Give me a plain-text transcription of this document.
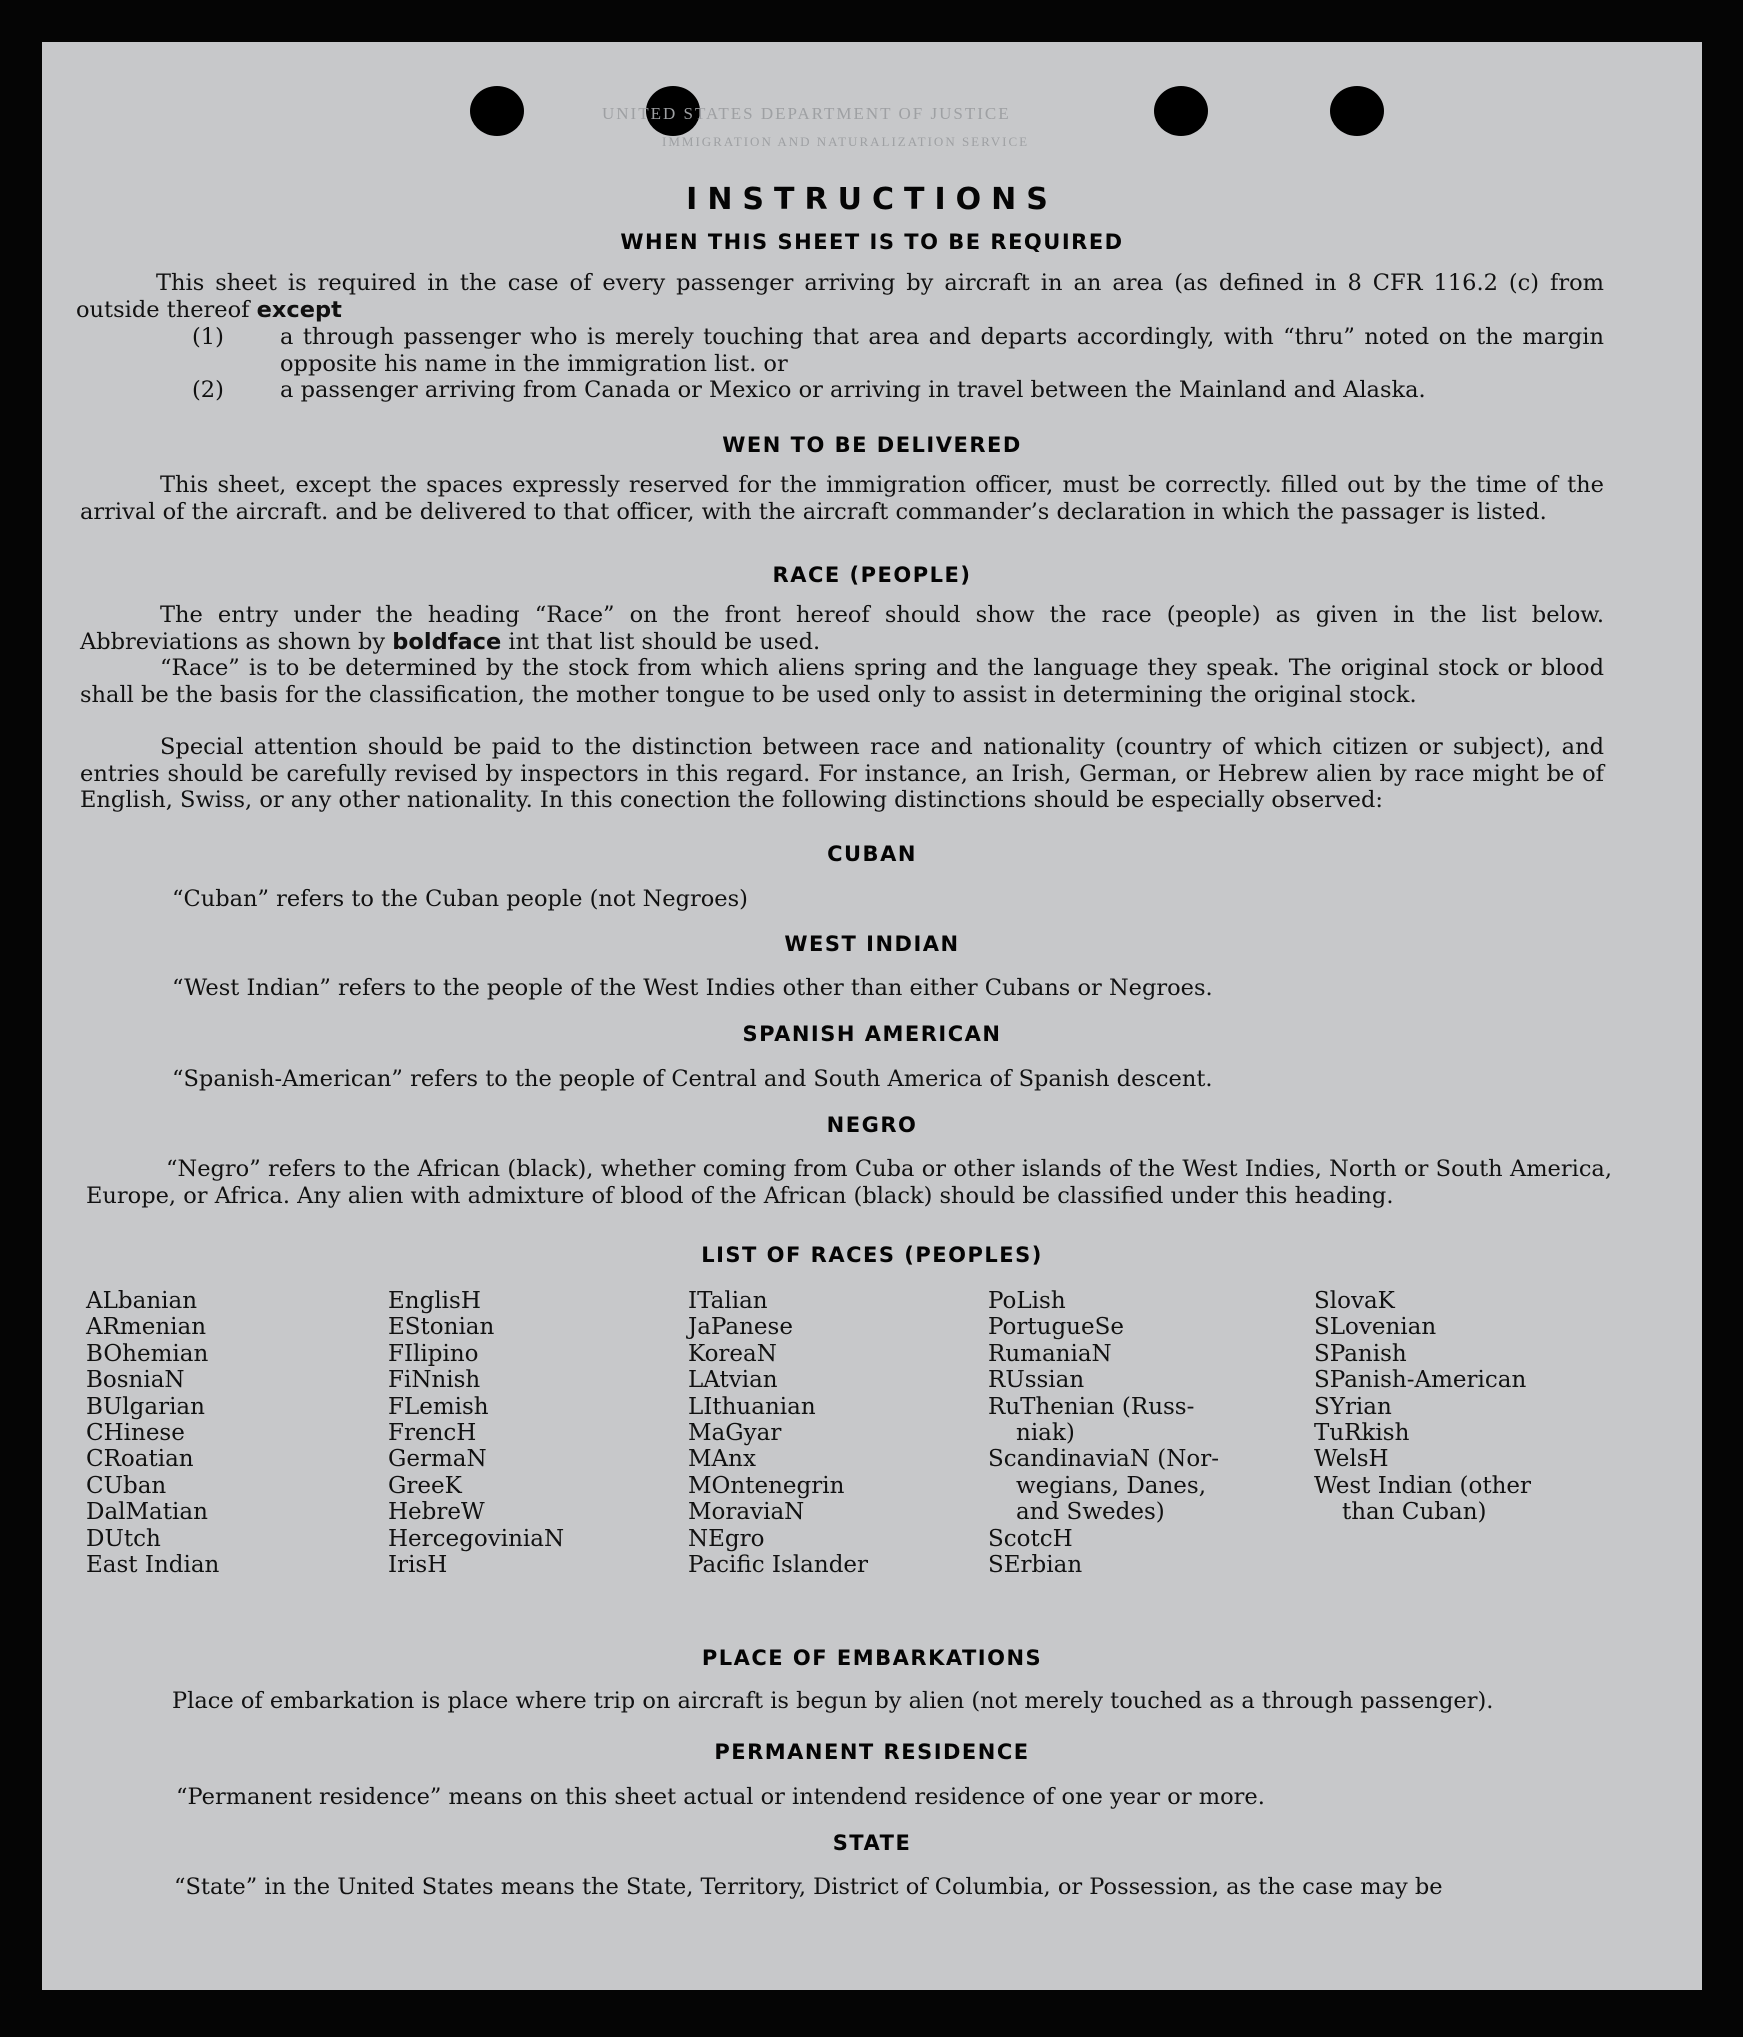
UNITED STATES DEPARTMENT OF JUSTICE
IMMIGRATION AND NATURALIZATION SERVICE
INSTRUCTIONS
WHEN THIS SHEET IS TO BE REQUIRED
This sheet is required in the case of every passenger arriving by aircraft in an area (as defined in 8 CFR 116.2 (c) from outside thereof except
(1) a through passenger who is merely touching that area and departs accordingly, with “thru” noted on the margin opposite his name in the immigration list. or
(2) a passenger arriving from Canada or Mexico or arriving in travel between the Mainland and Alaska.
WEN TO BE DELIVERED
This sheet, except the spaces expressly reserved for the immigration officer, must be correctly. filled out by the time of the arrival of the aircraft. and be delivered to that officer, with the aircraft commander’s declaration in which the passager is listed.
RACE (PEOPLE)
The entry under the heading “Race” on the front hereof should show the race (people) as given in the list below. Abbreviations as shown by boldface int that list should be used.
“Race” is to be determined by the stock from which aliens spring and the language they speak. The original stock or blood shall be the basis for the classification, the mother tongue to be used only to assist in determining the original stock.
Special attention should be paid to the distinction between race and nationality (country of which citizen or subject), and entries should be carefully revised by inspectors in this regard. For instance, an Irish, German, or Hebrew alien by race might be of English, Swiss, or any other nationality. In this conection the following distinctions should be especially observed:
CUBAN
“Cuban” refers to the Cuban people (not Negroes)
WEST INDIAN
“West Indian” refers to the people of the West Indies other than either Cubans or Negroes.
SPANISH AMERICAN
“Spanish-American” refers to the people of Central and South America of Spanish descent.
NEGRO
“Negro” refers to the African (black), whether coming from Cuba or other islands of the West Indies, North or South America, Europe, or Africa. Any alien with admixture of blood of the African (black) should be classified under this heading.
LIST OF RACES (PEOPLES)
ALbanian
ARmenian
BOhemian
BosniaN
BUlgarian
CHinese
CRoatian
CUban
DalMatian
DUtch
East Indian
EnglisH
EStonian
FIlipino
FiNnish
FLemish
FrencH
GermaN
GreeK
HebreW
HercegoviniaN
IrisH
ITalian
JaPanese
KoreaN
LAtvian
LIthuanian
MaGyar
MAnx
MOntenegrin
MoraviaN
NEgro
Pacific Islander
PoLish
PortugueSe
RumaniaN
RUssian
RuThenian (Russ-
niak)
ScandinaviaN (Nor-
wegians, Danes,
and Swedes)
ScotcH
SErbian
SlovaK
SLovenian
SPanish
SPanish-American
SYrian
TuRkish
WelsH
West Indian (other
than Cuban)
PLACE OF EMBARKATIONS
Place of embarkation is place where trip on aircraft is begun by alien (not merely touched as a through passenger).
PERMANENT RESIDENCE
“Permanent residence” means on this sheet actual or intendend residence of one year or more.
STATE
“State” in the United States means the State, Territory, District of Columbia, or Possession, as the case may be
